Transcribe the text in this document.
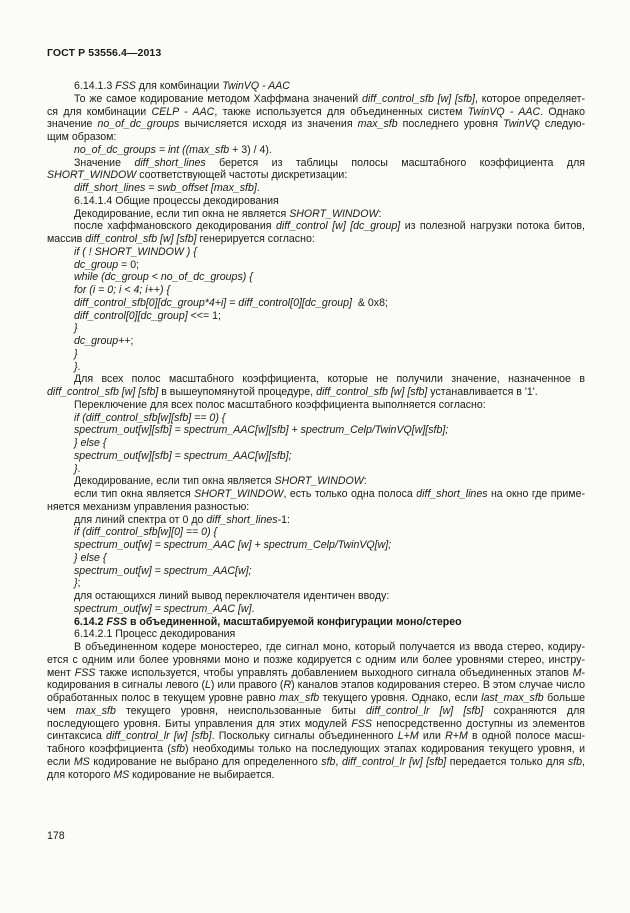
ГОСТ Р 53556.4—2013

6.14.1.3 FSS для комбинации TwinVQ - AAC

То же самое кодирование методом Хаффмана значений diff_control_sfb [w] [sfb], которое определяет-ся для комбинации CELP - AAC, также используется для объединенных систем TwinVQ - AAC. Однако значение no_of_dc_groups вычисляется исходя из значения max_sfb последнего уровня TwinVQ следую-щим образом:

no_of_dc_groups = int ((max_sfb + 3) / 4).

Значение diff_short_lines берется из таблицы полосы масштабного коэффициента для SHORT_WINDOW соответствующей частоты дискретизации:

diff_short_lines = swb_offset [max_sfb].

6.14.1.4 Общие процессы декодирования

Декодирование, если тип окна не является SHORT_WINDOW:

после хаффмановского декодирования diff_control [w] [dc_group] из полезной нагрузки потока битов, массив diff_control_sfb [w] [sfb] генерируется согласно:

if ( ! SHORT_WINDOW ) {

dc_group = 0;

while (dc_group < no_of_dc_groups) {

for (i = 0; i < 4; i++) {

diff_control_sfb[0][dc_group*4+i] = diff_control[0][dc_group]  & 0x8;

diff_control[0][dc_group] <<= 1;

}

dc_group++;

}

}.

Для всех полос масштабного коэффициента, которые не получили значение, назначенное в diff_control_sfb [w] [sfb] в вышеупомянутой процедуре, diff_control_sfb [w] [sfb] устанавливается в '1'.

Переключение для всех полос масштабного коэффициента выполняется согласно:

if (diff_control_sfb[w][sfb] == 0) {

spectrum_out[w][sfb] = spectrum_AAC[w][sfb] + spectrum_Celp/TwinVQ[w][sfb];

} else {

spectrum_out[w][sfb] = spectrum_AAC[w][sfb];

}.

Декодирование, если тип окна является SHORT_WINDOW:

если тип окна является SHORT_WINDOW, есть только одна полоса diff_short_lines на окно где приме-няется механизм управления разностью:

для линий спектра от 0 до diff_short_lines-1:

if (diff_control_sfb[w][0] == 0) {

spectrum_out[w] = spectrum_AAC [w] + spectrum_Celp/TwinVQ[w];

} else {

spectrum_out[w] = spectrum_AAC[w];

};

для остающихся линий вывод переключателя идентичен вводу:

spectrum_out[w] = spectrum_AAC [w].

6.14.2 FSS в объединенной, масштабируемой конфигурации моно/стерео

6.14.2.1 Процесс декодирования

В объединенном кодере моностерео, где сигнал моно, который получается из ввода стерео, кодиру-ется с одним или более уровнями моно и позже кодируется с одним или более уровнями стерео, инстру-мент FSS также используется, чтобы управлять добавлением выходного сигнала объединенных этапов M-кодирования в сигналы левого (L) или правого (R) каналов этапов кодирования стерео. В этом случае число обработанных полос в текущем уровне равно max_sfb текущего уровня. Однако, если last_max_sfb больше чем max_sfb текущего уровня, неиспользованные биты diff_control_lr [w] [sfb] сохраняются для последующего уровня. Биты управления для этих модулей FSS непосредственно доступны из элементов синтаксиса diff_control_lr [w] [sfb]. Поскольку сигналы объединенного L+M или R+M в одной полосе масш-табного коэффициента (sfb) необходимы только на последующих этапах кодирования текущего уровня, и если MS кодирование не выбрано для определенного sfb, diff_control_lr [w] [sfb] передается только для sfb, для которого MS кодирование не выбирается.

178
